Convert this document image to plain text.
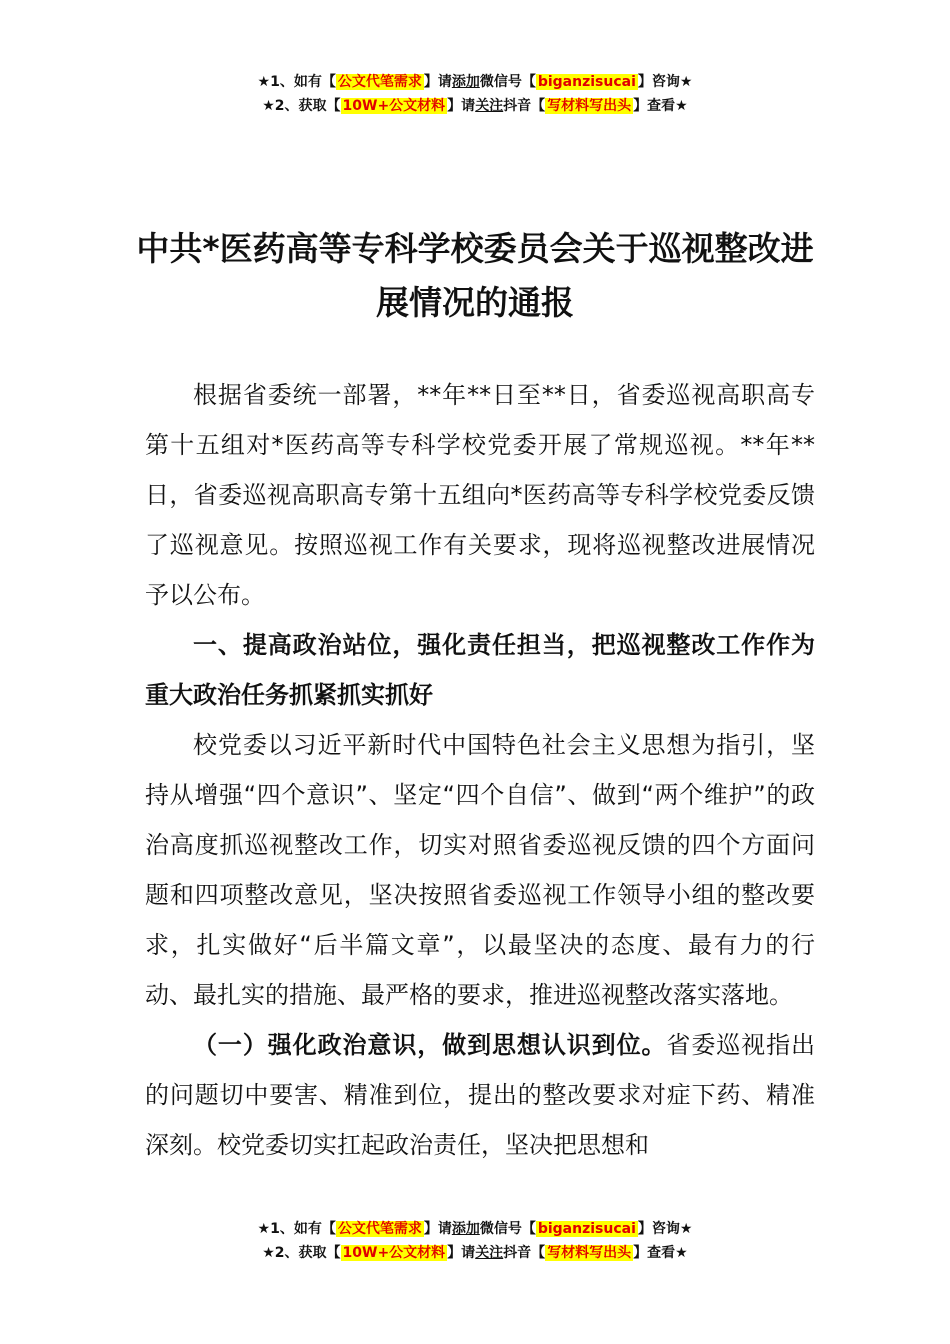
★1、如有【 公文代笔需求 】请添加微信号【 biganzisucai 】咨询★
★2、获取【 10W+公文材料 】请关注抖音【 写材料写出头 】查看★
中共*医药高等专科学校委员会关于巡视整改进展情况的通报

根据省委统一部署，**年**日至**日，省委巡视高职高专第十五组对*医药高等专科学校党委开展了常规巡视。**年**日，省委巡视高职高专第十五组向*医药高等专科学校党委反馈了巡视意见。按照巡视工作有关要求，现将巡视整改进展情况予以公布。

一、提高政治站位，强化责任担当，把巡视整改工作作为重大政治任务抓紧抓实抓好

校党委以习近平新时代中国特色社会主义思想为指引，坚持从增强“四个意识”、坚定“四个自信”、做到“两个维护”的政治高度抓巡视整改工作，切实对照省委巡视反馈的四个方面问题和四项整改意见，坚决按照省委巡视工作领导小组的整改要求，扎实做好“后半篇文章”，以最坚决的态度、最有力的行动、最扎实的措施、最严格的要求，推进巡视整改落实落地。

（一）强化政治意识，做到思想认识到位。省委巡视指出的问题切中要害、精准到位，提出的整改要求对症下药、精准深刻。校党委切实扛起政治责任，坚决把思想和

★1、如有【 公文代笔需求 】请添加微信号【 biganzisucai 】咨询★
★2、获取【 10W+公文材料 】请关注抖音【 写材料写出头 】查看★
